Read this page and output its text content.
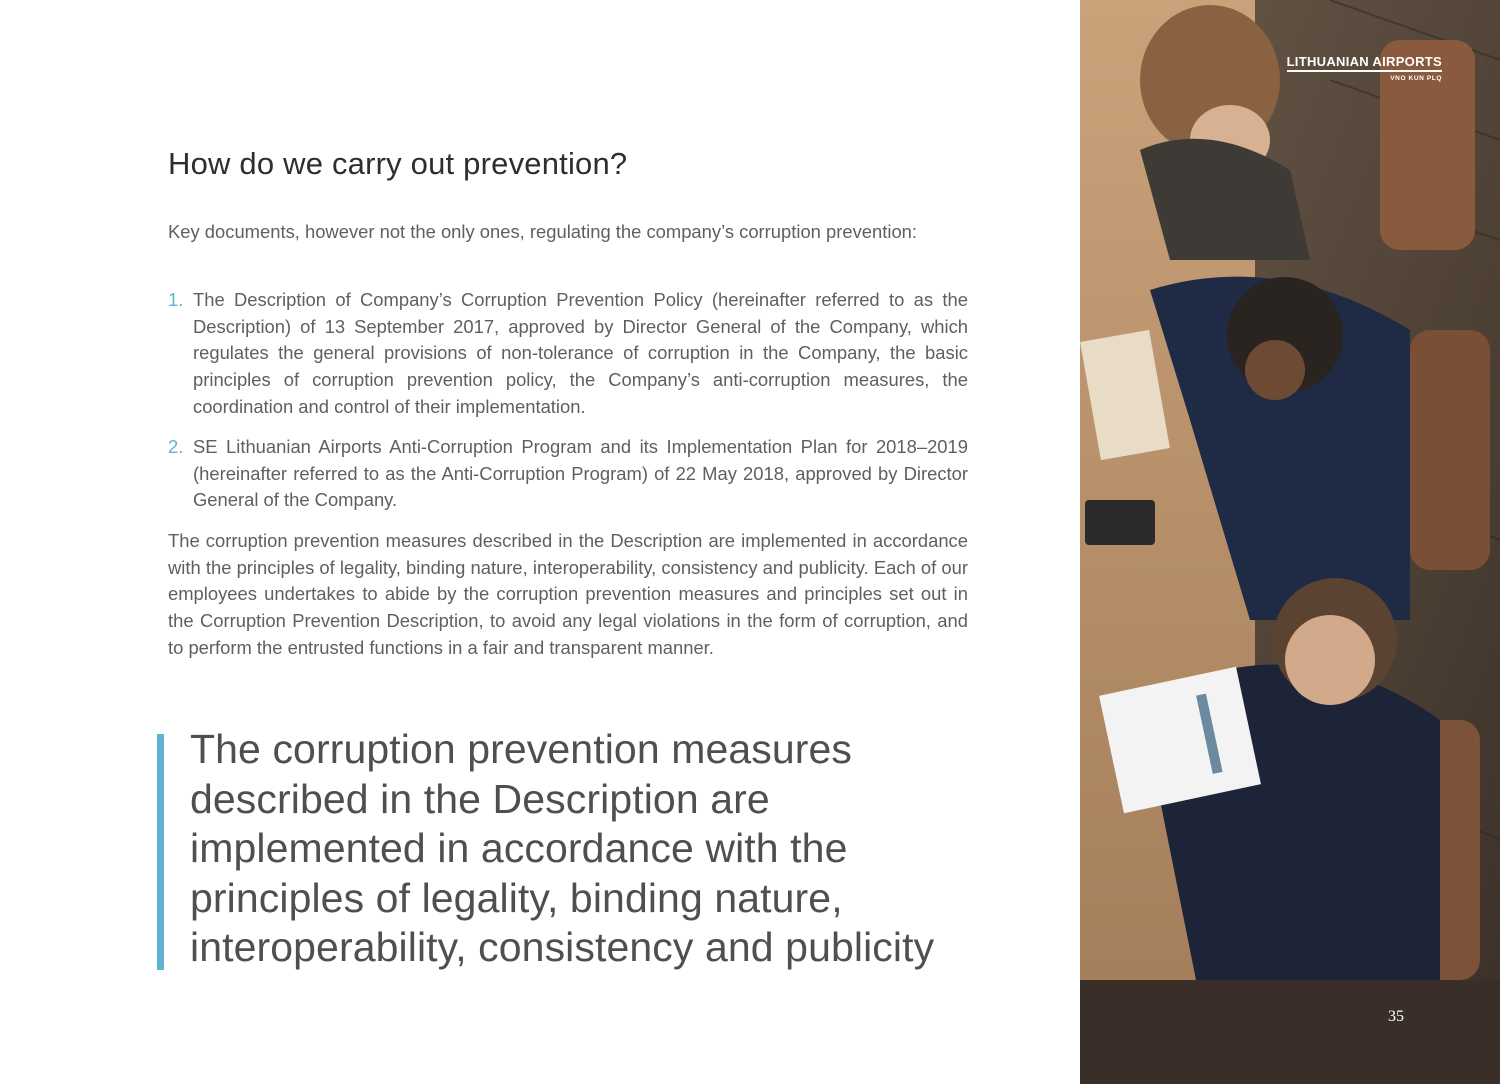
How do we carry out prevention?

Key documents, however not the only ones, regulating the company’s corruption prevention:

1. The Description of Company’s Corruption Prevention Policy (hereinafter referred to as the Description) of 13 September 2017, approved by Director General of the Company, which regulates the general provisions of non-tolerance of corruption in the Company, the basic principles of corruption prevention policy, the Company’s anti-corruption measures, the coordination and control of their implementation.
2. SE Lithuanian Airports Anti-Corruption Program and its Implementation Plan for 2018–2019 (hereinafter referred to as the Anti-Corruption Program) of 22 May 2018, approved by Director General of the Company.

The corruption prevention measures described in the Description are implemented in accordance with the principles of legality, binding nature, interoperability, consistency and publicity. Each of our employees undertakes to abide by the corruption prevention measures and principles set out in the Corruption Prevention Description, to avoid any legal violations in the form of corruption, and to perform the entrusted functions in a fair and transparent manner.

The corruption prevention measures described in the Description are implemented in accordance with the principles of legality, binding nature, interoperability, consistency and publicity

LITHUANIAN AIRPORTS
VNO KUN PLQ
35
